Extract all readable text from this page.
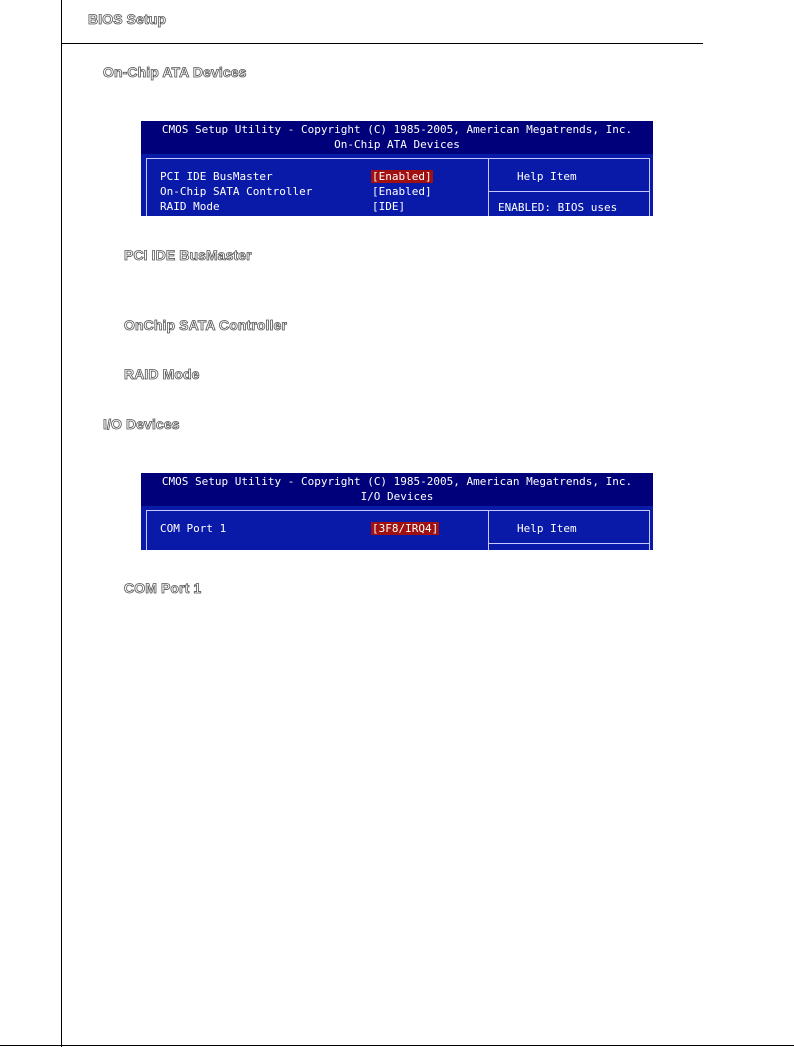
BIOS Setup
On-Chip ATA Devices
CMOS Setup Utility - Copyright (C) 1985-2005, American Megatrends, Inc.
On-Chip ATA Devices
Help Item
ENABLED: BIOS uses
PCI IDE BusMaster	[Enabled]
On-Chip SATA Controller	[Enabled]
RAID Mode	[IDE]
PCI IDE BusMaster
OnChip SATA Controller
RAID Mode
I/O Devices
CMOS Setup Utility - Copyright (C) 1985-2005, American Megatrends, Inc.
I/O Devices
Help Item
COM Port 1	[3F8/IRQ4]
COM Port 1
